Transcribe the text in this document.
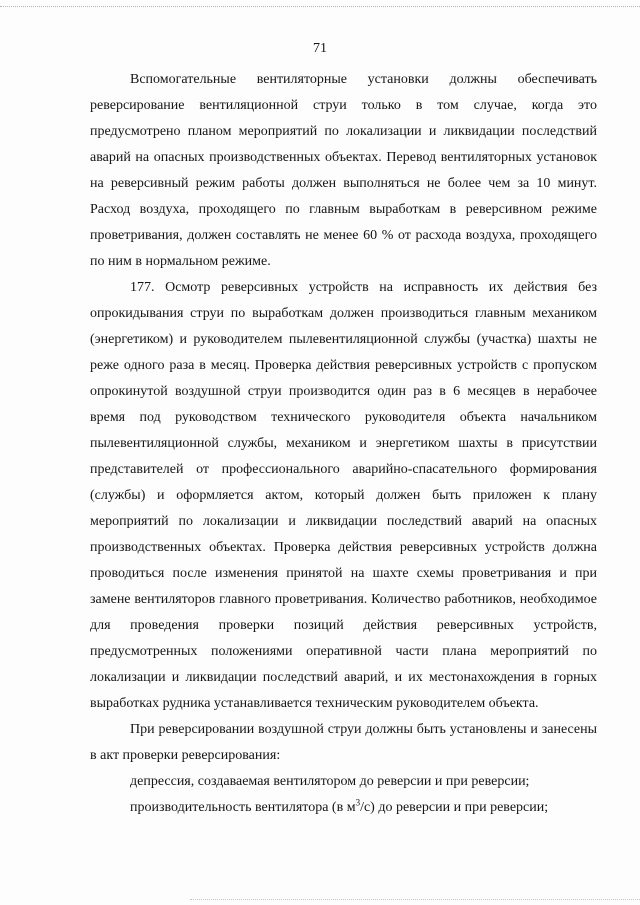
71

Вспомогательные вентиляторные установки должны обеспечивать реверсирование вентиляционной струи только в том случае, когда это предусмотрено планом мероприятий по локализации и ликвидации последствий аварий на опасных производственных объектах. Перевод вентиляторных установок на реверсивный режим работы должен выполняться не более чем за 10 минут. Расход воздуха, проходящего по главным выработкам в реверсивном режиме проветривания, должен составлять не менее 60 % от расхода воздуха, проходящего по ним в нормальном режиме.

177. Осмотр реверсивных устройств на исправность их действия без опрокидывания струи по выработкам должен производиться главным механиком (энергетиком) и руководителем пылевентиляционной службы (участка) шахты не реже одного раза в месяц. Проверка действия реверсивных устройств с пропуском опрокинутой воздушной струи производится один раз в 6 месяцев в нерабочее время под руководством технического руководителя объекта начальником пылевентиляционной службы, механиком и энергетиком шахты в присутствии представителей от профессионального аварийно-спасательного формирования (службы) и оформляется актом, который должен быть приложен к плану мероприятий по локализации и ликвидации последствий аварий на опасных производственных объектах. Проверка действия реверсивных устройств должна проводиться после изменения принятой на шахте схемы проветривания и при замене вентиляторов главного проветривания. Количество работников, необходимое для проведения проверки позиций действия реверсивных устройств, предусмотренных положениями оперативной части плана мероприятий по локализации и ликвидации последствий аварий, и их местонахождения в горных выработках рудника устанавливается техническим руководителем объекта.

При реверсировании воздушной струи должны быть установлены и занесены в акт проверки реверсирования:

депрессия, создаваемая вентилятором до реверсии и при реверсии;

производительность вентилятора (в $м^3/с$) до реверсии и при реверсии;
